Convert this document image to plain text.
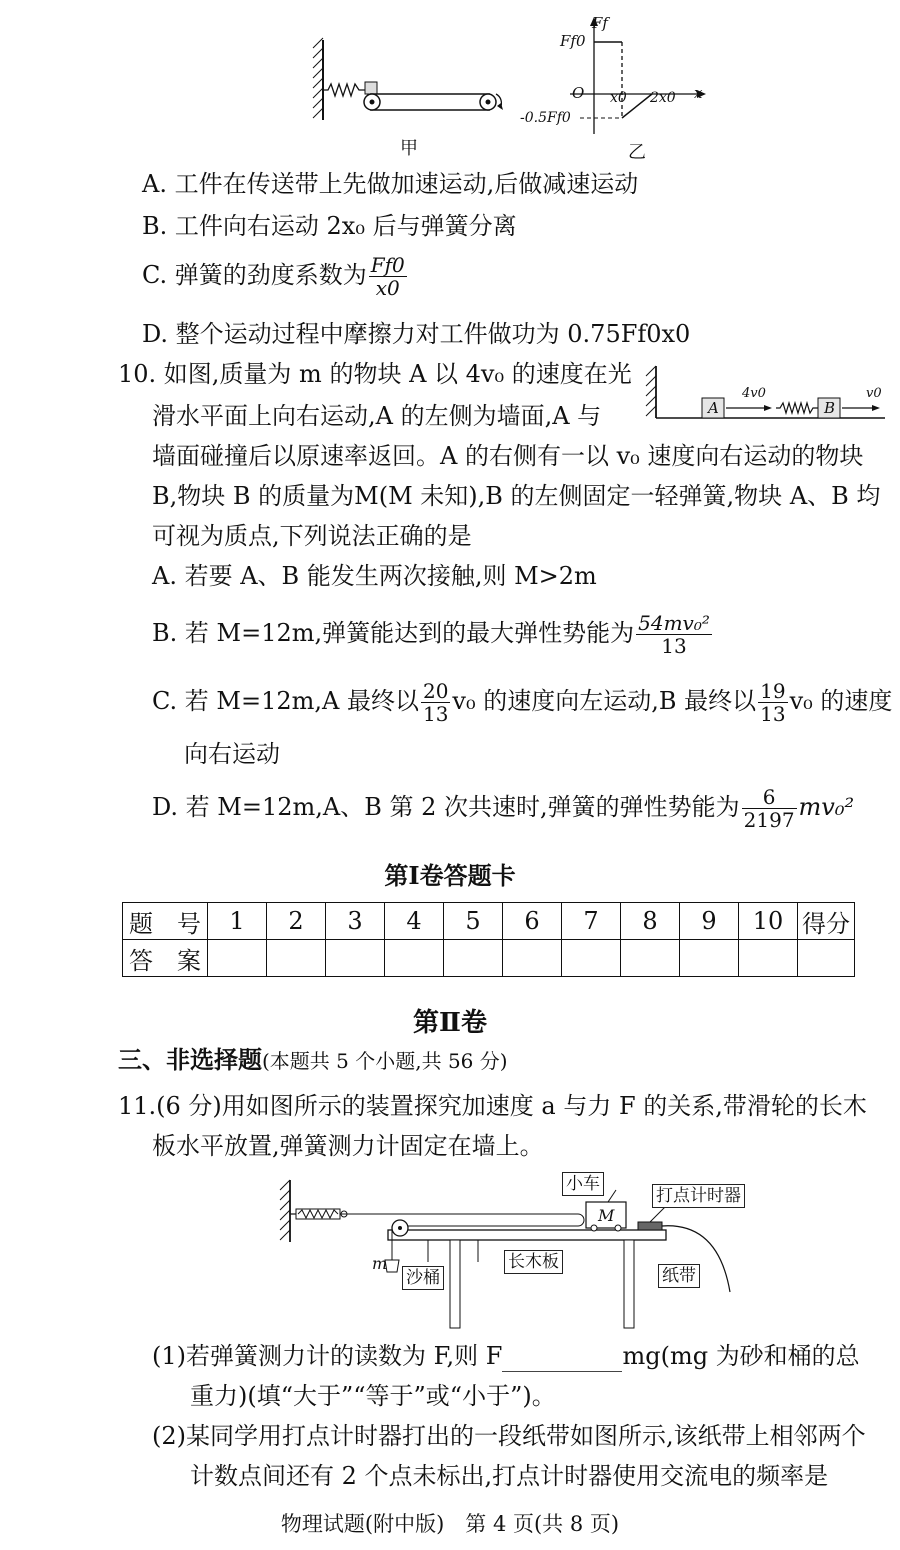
甲
Ff
Ff0
O x0 2x0 x
-0.5Ff0
乙
A. 工件在传送带上先做加速运动,后做减速运动
B. 工件向右运动 2x₀ 后与弹簧分离
C. 弹簧的劲度系数为 $\frac{Ff0}{x0}$
D. 整个运动过程中摩擦力对工件做功为 0.75Ff0x0
10. 如图,质量为 m 的物块 A 以 4v₀ 的速度在光
滑水平面上向右运动,A 的左侧为墙面,A 与
墙面碰撞后以原速率返回。A 的右侧有一以 v₀ 速度向右运动的物块
B,物块 B 的质量为M(M 未知),B 的左侧固定一轻弹簧,物块 A、B 均
可视为质点,下列说法正确的是
A	B
4v0	v0
A. 若要 A、B 能发生两次接触,则 M>2m
B. 若 M=12m,弹簧能达到的最大弹性势能为 $\frac{\text{54mv₀²}}{13}$
C. 若 M=12m,A 最终以 $\frac{20}{13} v_0$ 的速度向左运动,B 最终以 $\frac{19}{13} v_0$ 的速度
向右运动
D. 若 M=12m,A、B 第 2 次共速时,弹簧的弹性势能为 $\frac{6}{2197} mv_0^2$
第Ⅰ卷答题卡
题　号	1	2	3	4	5	6	7	8	9	10	得分
答　案											
第Ⅱ卷
三、非选择题(本题共 5 个小题,共 56 分)
11.(6 分)用如图所示的装置探究加速度 a 与力 F 的关系,带滑轮的长木
板水平放置,弹簧测力计固定在墙上。
小车
M
打点计时器
m
沙桶
长木板
纸带
(1)若弹簧测力计的读数为 F,则 F	mg(mg 为砂和桶的总
重力)(填“大于”“等于”或“小于”)。
(2)某同学用打点计时器打出的一段纸带如图所示,该纸带上相邻两个
计数点间还有 2 个点未标出,打点计时器使用交流电的频率是
物理试题(附中版)　第 4 页(共 8 页)
